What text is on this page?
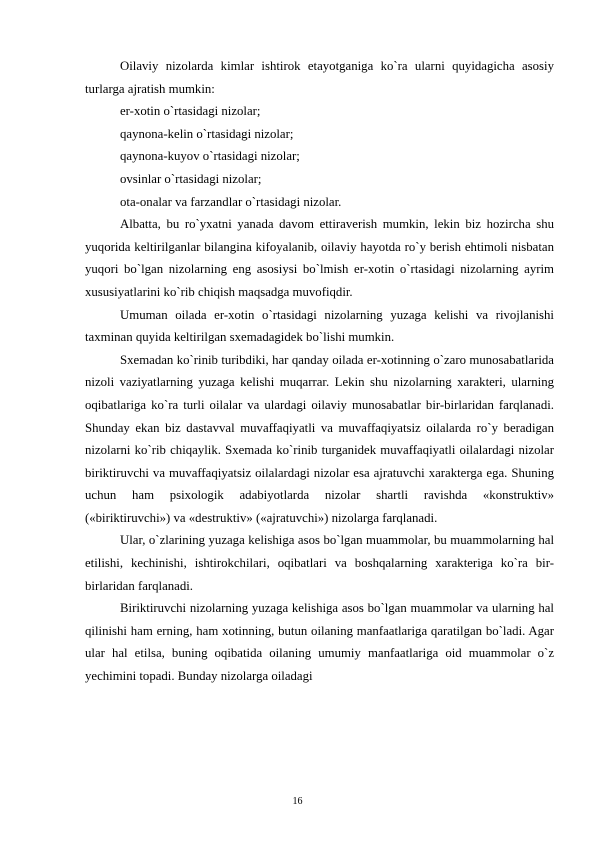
Oilaviy nizolarda kimlar ishtirok etayotganiga ko`ra ularni quyidagicha asosiy turlarga ajratish mumkin:

er-xotin o`rtasidagi nizolar;

qaynona-kelin o`rtasidagi nizolar;

qaynona-kuyov o`rtasidagi nizolar;

ovsinlar o`rtasidagi nizolar;

ota-onalar va farzandlar o`rtasidagi nizolar.

Albatta, bu ro`yxatni yanada davom ettiraverish mumkin, lekin biz hozircha shu yuqorida keltirilganlar bilangina kifoyalanib, oilaviy hayotda ro`y berish ehtimoli nisbatan yuqori bo`lgan nizolarning eng asosiysi bo`lmish er-xotin o`rtasidagi nizolarning ayrim xususiyatlarini ko`rib chiqish maqsadga muvofiqdir.

Umuman oilada er-xotin o`rtasidagi nizolarning yuzaga kelishi va rivojlanishi taxminan quyida keltirilgan sxemadagidek bo`lishi mumkin.

Sxemadan ko`rinib turibdiki, har qanday oilada er-xotinning o`zaro munosabatlarida nizoli vaziyatlarning yuzaga kelishi muqarrar. Lekin shu nizolarning xarakteri, ularning oqibatlariga ko`ra turli oilalar va ulardagi oilaviy munosabatlar bir-birlaridan farqlanadi. Shunday ekan biz dastavval muvaffaqiyatli va muvaffaqiyatsiz oilalarda ro`y beradigan nizolarni ko`rib chiqaylik. Sxemada ko`rinib turganidek muvaffaqiyatli oilalardagi nizolar biriktiruvchi va muvaffaqiyatsiz oilalardagi nizolar esa ajratuvchi xarakterga ega. Shuning uchun ham psixologik adabiyotlarda nizolar shartli ravishda «konstruktiv» («biriktiruvchi») va «destruktiv» («ajratuvchi») nizolarga farqlanadi.

Ular, o`zlarining yuzaga kelishiga asos bo`lgan muammolar, bu muammolarning hal etilishi, kechinishi, ishtirokchilari, oqibatlari va boshqalarning xarakteriga ko`ra bir-birlaridan farqlanadi.

Biriktiruvchi nizolarning yuzaga kelishiga asos bo`lgan muammolar va ularning hal qilinishi ham erning, ham xotinning, butun oilaning manfaatlariga qaratilgan bo`ladi. Agar ular hal etilsa, buning oqibatida oilaning umumiy manfaatlariga oid muammolar o`z yechimini topadi. Bunday nizolarga oiladagi

16
